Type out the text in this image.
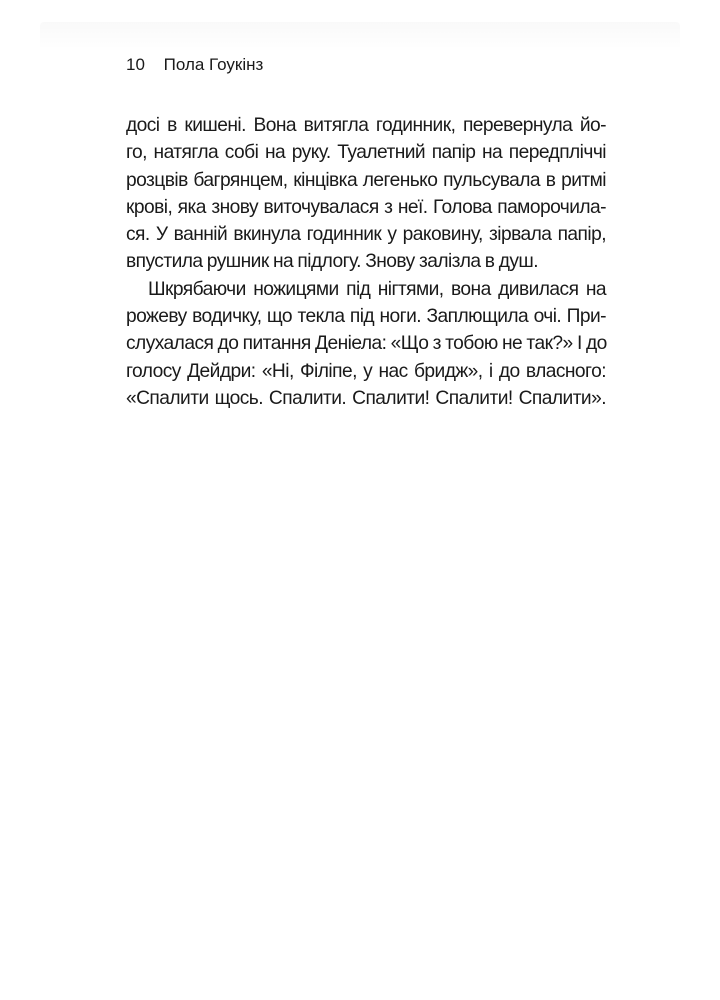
10 Пола Гоукінз
досі в кишені. Вона витягла годинник, перевернула йо-
го, натягла собі на руку. Туалетний папір на передпліччі
розцвів багрянцем, кінцівка легенько пульсувала в ритмі
крові, яка знову виточувалася з неї. Голова паморочила-
ся. У ванній вкинула годинник у раковину, зірвала папір,
впустила рушник на підлогу. Знову залізла в душ.
Шкрябаючи ножицями під нігтями, вона дивилася на
рожеву водичку, що текла під ноги. Заплющила очі. При-
слухалася до питання Деніела: «Що з тобою не так?» І до
голосу Дейдри: «Ні, Філіпе, у нас бридж», і до власного:
«Спалити щось. Спалити. Спалити! Спалити! Спалити».
